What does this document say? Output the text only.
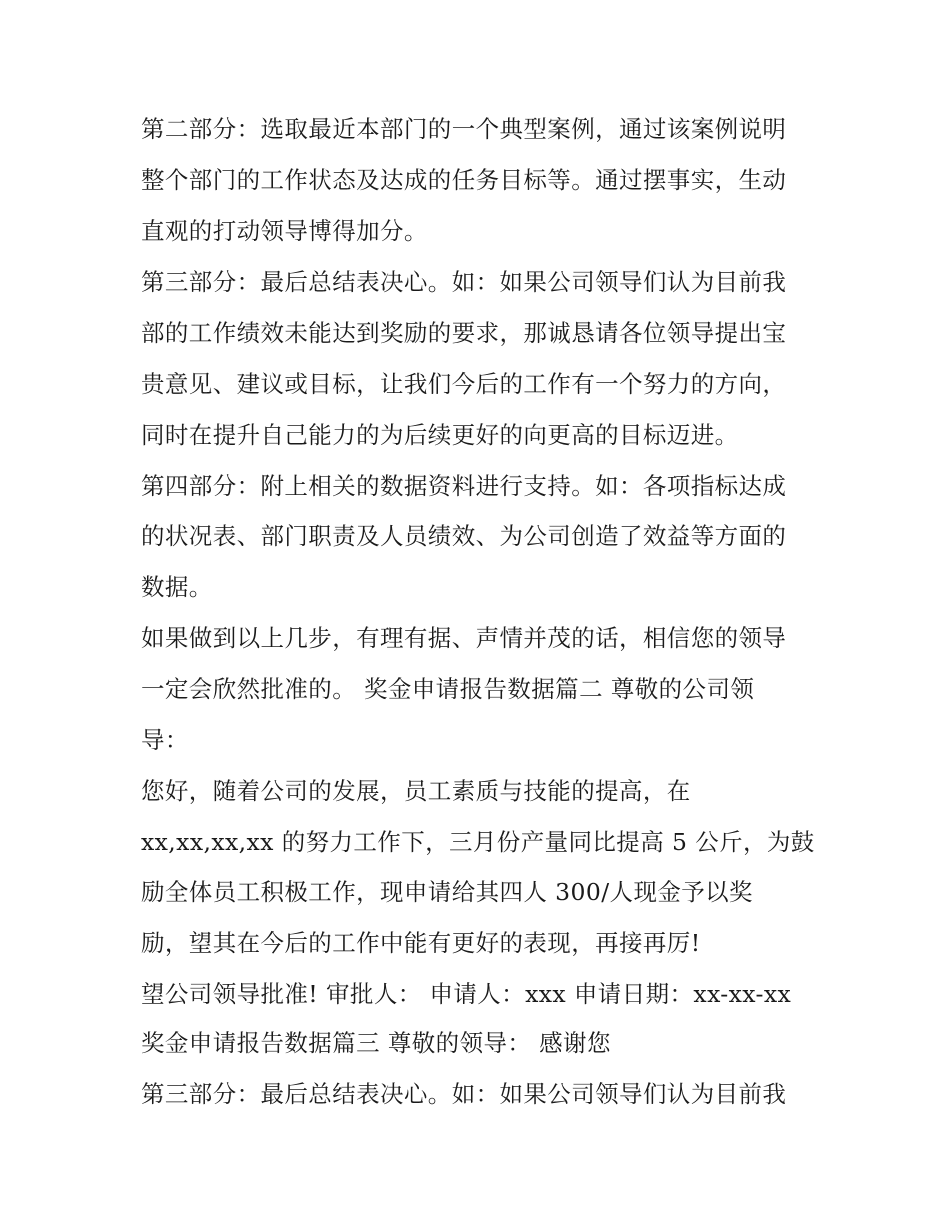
第二部分：选取最近本部门的一个典型案例，通过该案例说明
整个部门的工作状态及达成的任务目标等。通过摆事实，生动
直观的打动领导博得加分。
第三部分：最后总结表决心。如：如果公司领导们认为目前我
部的工作绩效未能达到奖励的要求，那诚恳请各位领导提出宝
贵意见、建议或目标，让我们今后的工作有一个努力的方向，
同时在提升自己能力的为后续更好的向更高的目标迈进。
第四部分：附上相关的数据资料进行支持。如：各项指标达成
的状况表、部门职责及人员绩效、为公司创造了效益等方面的
数据。
如果做到以上几步，有理有据、声情并茂的话，相信您的领导
一定会欣然批准的。 奖金申请报告数据篇二 尊敬的公司领
导：
您好，随着公司的发展，员工素质与技能的提高，在
xx,xx,xx,xx 的努力工作下，三月份产量同比提高 5 公斤，为鼓
励全体员工积极工作，现申请给其四人 300/人现金予以奖
励，望其在今后的工作中能有更好的表现，再接再厉!
望公司领导批准! 审批人： 申请人：xxx 申请日期：xx-xx-xx
奖金申请报告数据篇三 尊敬的领导： 感谢您
第三部分：最后总结表决心。如：如果公司领导们认为目前我
